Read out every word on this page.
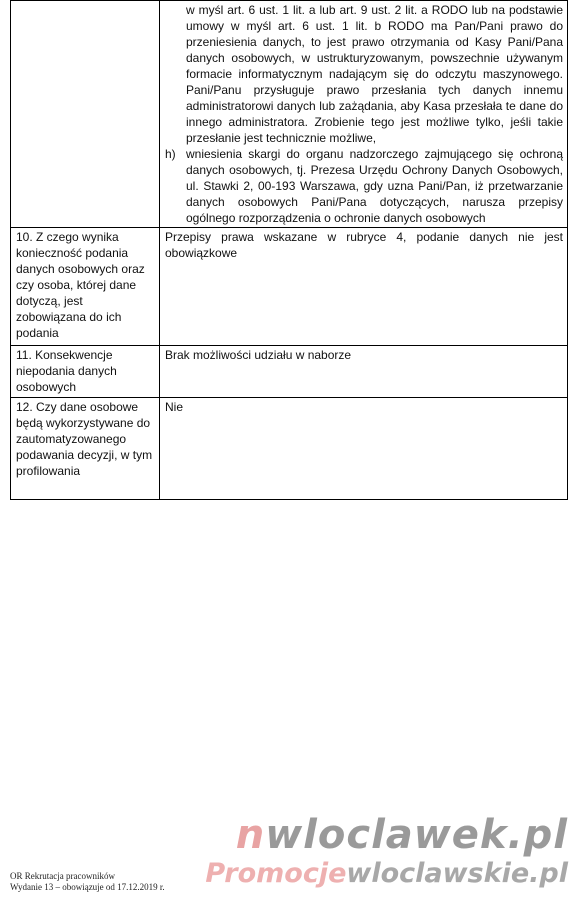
	w myśl art. 6 ust. 1 lit. a lub art. 9 ust. 2 lit. a RODO lub na podstawie umowy w myśl art. 6 ust. 1 lit. b RODO ma Pan/Pani prawo do przeniesienia danych, to jest prawo otrzymania od Kasy Pani/Pana danych osobowych, w ustrukturyzowanym, powszechnie używanym formacie informatycznym nadającym się do odczytu maszynowego. Pani/Panu przysługuje prawo przesłania tych danych innemu administratorowi danych lub zażądania, aby Kasa przesłała te dane do innego administratora. Zrobienie tego jest możliwe tylko, jeśli takie przesłanie jest technicznie możliwe,
h) wniesienia skargi do organu nadzorczego zajmującego się ochroną danych osobowych, tj. Prezesa Urzędu Ochrony Danych Osobowych, ul. Stawki 2, 00-193 Warszawa, gdy uzna Pani/Pan, iż przetwarzanie danych osobowych Pani/Pana dotyczących, narusza przepisy ogólnego rozporządzenia o ochronie danych osobowych

10. Z czego wynika konieczność podania danych osobowych oraz czy osoba, której dane dotyczą, jest zobowiązana do ich podania	Przepisy prawa wskazane w rubryce 4, podanie danych nie jest obowiązkowe
11. Konsekwencje niepodania danych osobowych	Brak możliwości udziału w naborze
12. Czy dane osobowe będą wykorzystywane do zautomatyzowanego podawania decyzji, w tym profilowania	Nie
nwloclawek.pl
Promocjewloclawskie.pl
OR Rekrutacja pracowników
Wydanie 13 – obowiązuje od 17.12.2019 r.
